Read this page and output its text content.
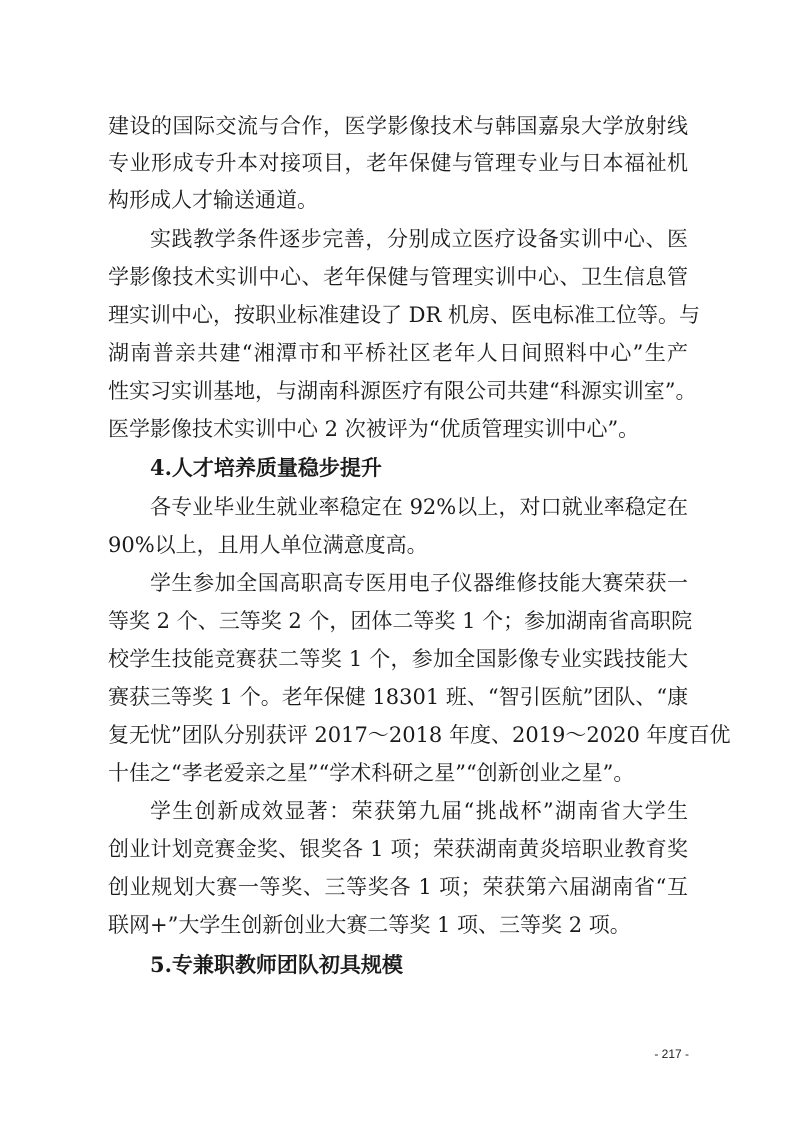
建设的国际交流与合作，医学影像技术与韩国嘉泉大学放射线
专业形成专升本对接项目，老年保健与管理专业与日本福祉机
构形成人才输送通道。
实践教学条件逐步完善，分别成立医疗设备实训中心、医
学影像技术实训中心、老年保健与管理实训中心、卫生信息管
理实训中心，按职业标准建设了 DR 机房、医电标准工位等。与
湖南普亲共建“湘潭市和平桥社区老年人日间照料中心”生产
性实习实训基地，与湖南科源医疗有限公司共建“科源实训室”。
医学影像技术实训中心 2 次被评为“优质管理实训中心”。
4.人才培养质量稳步提升
各专业毕业生就业率稳定在 92%以上，对口就业率稳定在
90%以上，且用人单位满意度高。
学生参加全国高职高专医用电子仪器维修技能大赛荣获一
等奖 2 个、三等奖 2 个，团体二等奖 1 个；参加湖南省高职院
校学生技能竞赛获二等奖 1 个，参加全国影像专业实践技能大
赛获三等奖 1 个。老年保健 18301 班、“智引医航”团队、“康
复无忧”团队分别获评 2017～2018 年度、2019～2020 年度百优
十佳之“孝老爱亲之星”“学术科研之星”“创新创业之星”。
学生创新成效显著：荣获第九届“挑战杯”湖南省大学生
创业计划竞赛金奖、银奖各 1 项；荣获湖南黄炎培职业教育奖
创业规划大赛一等奖、三等奖各 1 项；荣获第六届湖南省“互
联网+”大学生创新创业大赛二等奖 1 项、三等奖 2 项。
5.专兼职教师团队初具规模
- 217 -
